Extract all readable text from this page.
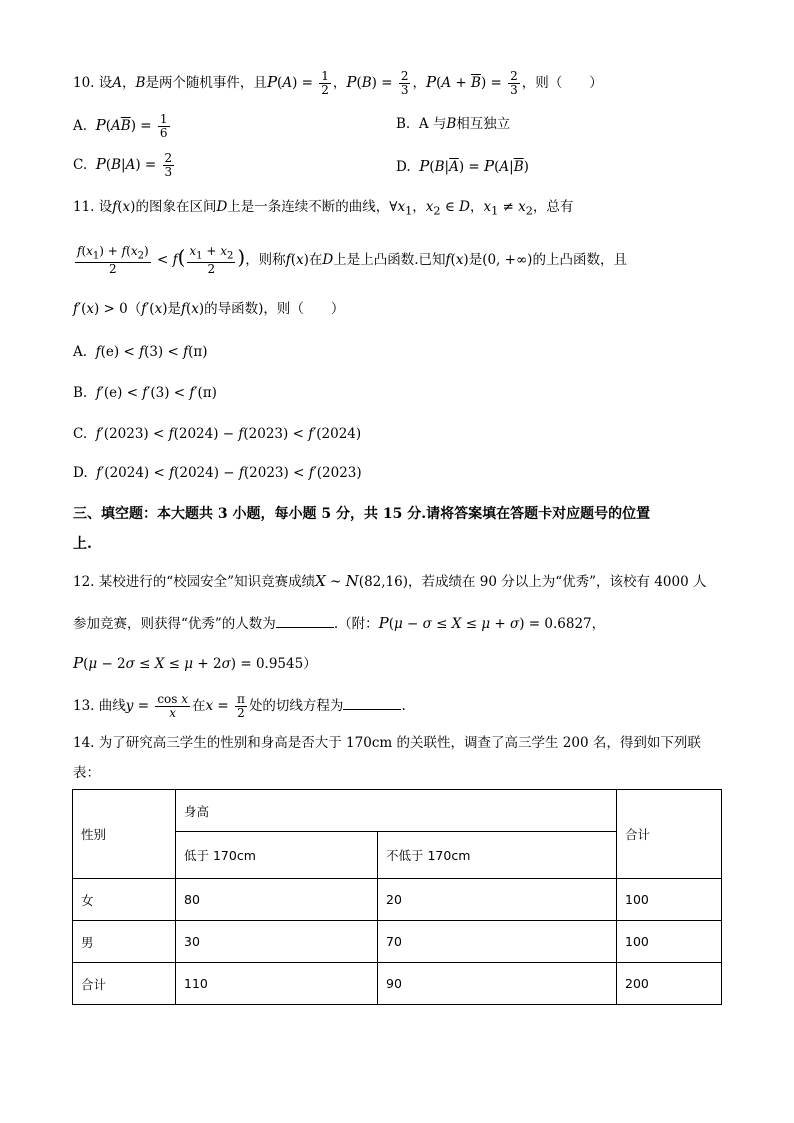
10. 设A，B是两个随机事件，且$P(A) = \frac{1}{2}$ ，$P(B) = \frac{2}{3}$ ，$P(A + \overline{B}) = \frac{2}{3}$ ，则（　　）
A. $P(A\overline{B}) = \frac{1}{6}$	B. A 与B相互独立
C. $P(B|A) = \frac{2}{3}$	D. $P(B|\overline{A}) = P(A|\overline{B})$
11. 设f(x)的图象在区间D上是一条连续不断的曲线，$\forall x_1$，$x_2$ ∈ D，$x_1 \ne x_2$，总有
$\frac{f(x_1) + f(x_2)}{2} < f( \frac{x_1 + x_2}{2}$ )，则称f(x)在D上是上凸函数.已知f(x)是(0, +∞)的上凸函数，且
f′(x) > 0（f′(x)是f(x)的导函数)，则（　　）
A. f(e) < f(3) < f(π)
B. f′(e) < f′(3) < f′(π)
C. f′(2023) < f(2024) − f(2023) < f′(2024)
D. f′(2024) < f(2024) − f(2023) < f′(2023)
三、填空题：本大题共 3 小题，每小题 5 分，共 15 分.请将答案填在答题卡对应题号的位置
上.
12. 某校进行的“校园安全”知识竞赛成绩X ~ N(82,16)，若成绩在 90 分以上为“优秀”，该校有 4000 人
参加竞赛，则获得“优秀”的人数为	.（附：P(μ − σ ≤ X ≤ μ + σ) = 0.6827，
P(μ − 2σ ≤ X ≤ μ + 2σ) = 0.9545）
13. 曲线$y = \frac{\text{cos x}}{x}$ 在$x = \frac{\pi}{2}$ 处的切线方程为	.
14. 为了研究高三学生的性别和身高是否大于 170cm 的关联性，调查了高三学生 200 名，得到如下列联
表：
性别	身高		合计
	低于 170cm	不低于 170cm	
女	80	20	100
男	30	70	100
合计	110	90	200
